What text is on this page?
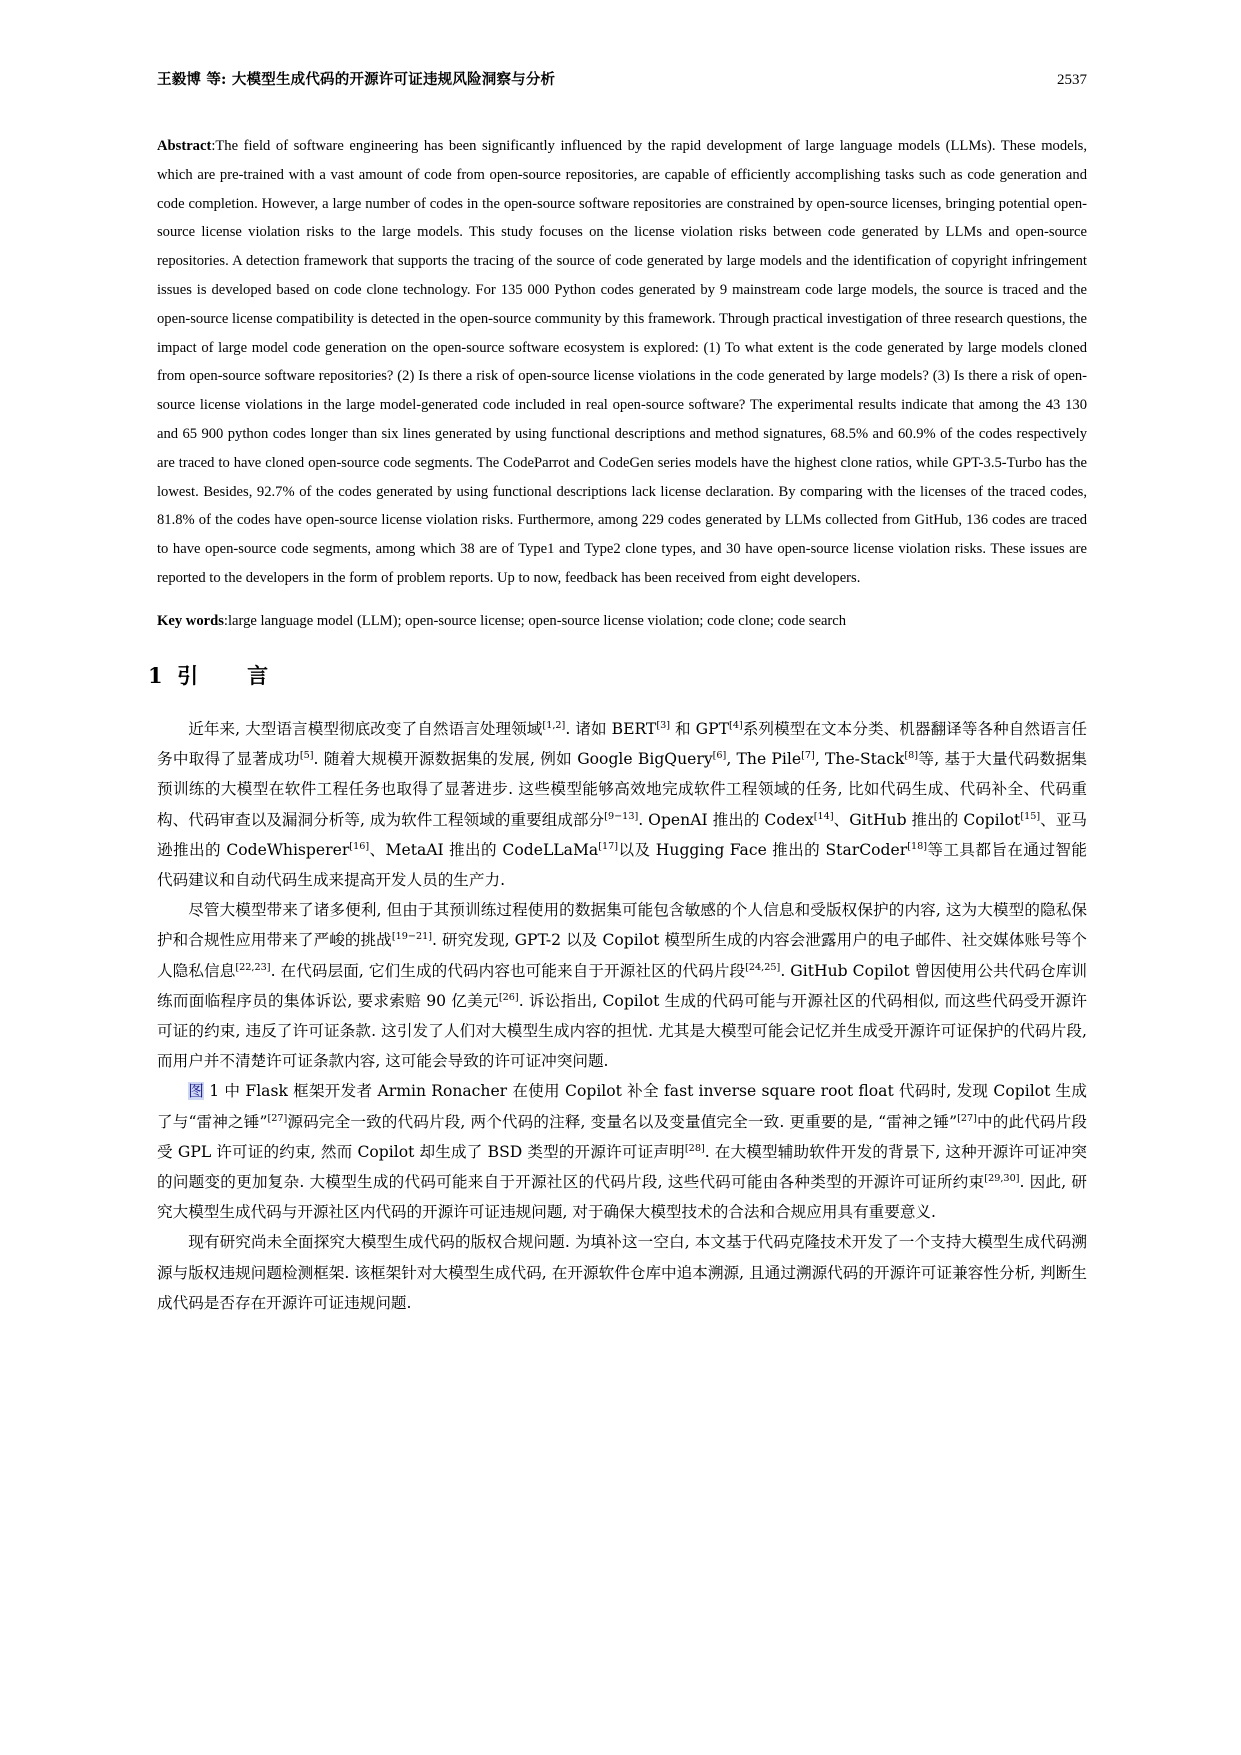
王毅博 等: 大模型生成代码的开源许可证违规风险洞察与分析	2537
Abstract:The field of software engineering has been significantly influenced by the rapid development of large language models (LLMs). These models, which are pre-trained with a vast amount of code from open-source repositories, are capable of efficiently accomplishing tasks such as code generation and code completion. However, a large number of codes in the open-source software repositories are constrained by open-source licenses, bringing potential open-source license violation risks to the large models. This study focuses on the license violation risks between code generated by LLMs and open-source repositories. A detection framework that supports the tracing of the source of code generated by large models and the identification of copyright infringement issues is developed based on code clone technology. For 135 000 Python codes generated by 9 mainstream code large models, the source is traced and the open-source license compatibility is detected in the open-source community by this framework. Through practical investigation of three research questions, the impact of large model code generation on the open-source software ecosystem is explored: (1) To what extent is the code generated by large models cloned from open-source software repositories? (2) Is there a risk of open-source license violations in the code generated by large models? (3) Is there a risk of open-source license violations in the large model-generated code included in real open-source software? The experimental results indicate that among the 43 130 and 65 900 python codes longer than six lines generated by using functional descriptions and method signatures, 68.5% and 60.9% of the codes respectively are traced to have cloned open-source code segments. The CodeParrot and CodeGen series models have the highest clone ratios, while GPT-3.5-Turbo has the lowest. Besides, 92.7% of the codes generated by using functional descriptions lack license declaration. By comparing with the licenses of the traced codes, 81.8% of the codes have open-source license violation risks. Furthermore, among 229 codes generated by LLMs collected from GitHub, 136 codes are traced to have open-source code segments, among which 38 are of Type1 and Type2 clone types, and 30 have open-source license violation risks. These issues are reported to the developers in the form of problem reports. Up to now, feedback has been received from eight developers.
Key words:large language model (LLM); open-source license; open-source license violation; code clone; code search
1 引　言

近年来, 大型语言模型彻底改变了自然语言处理领域[1,2]. 诸如 BERT[3] 和 GPT[4]系列模型在文本分类、机器翻译等各种自然语言任务中取得了显著成功[5]. 随着大规模开源数据集的发展, 例如 Google BigQuery[6], The Pile[7], The-Stack[8]等, 基于大量代码数据集预训练的大模型在软件工程任务也取得了显著进步. 这些模型能够高效地完成软件工程领域的任务, 比如代码生成、代码补全、代码重构、代码审查以及漏洞分析等, 成为软件工程领域的重要组成部分[9−13]. OpenAI 推出的 Codex[14]、GitHub 推出的 Copilot[15]、亚马逊推出的 CodeWhisperer[16]、MetaAI 推出的 CodeLLaMa[17]以及 Hugging Face 推出的 StarCoder[18]等工具都旨在通过智能代码建议和自动代码生成来提高开发人员的生产力.

尽管大模型带来了诸多便利, 但由于其预训练过程使用的数据集可能包含敏感的个人信息和受版权保护的内容, 这为大模型的隐私保护和合规性应用带来了严峻的挑战[19−21]. 研究发现, GPT-2 以及 Copilot 模型所生成的内容会泄露用户的电子邮件、社交媒体账号等个人隐私信息[22,23]. 在代码层面, 它们生成的代码内容也可能来自于开源社区的代码片段[24,25]. GitHub Copilot 曾因使用公共代码仓库训练而面临程序员的集体诉讼, 要求索赔 90 亿美元[26]. 诉讼指出, Copilot 生成的代码可能与开源社区的代码相似, 而这些代码受开源许可证的约束, 违反了许可证条款. 这引发了人们对大模型生成内容的担忧. 尤其是大模型可能会记忆并生成受开源许可证保护的代码片段, 而用户并不清楚许可证条款内容, 这可能会导致的许可证冲突问题.

图 1 中 Flask 框架开发者 Armin Ronacher 在使用 Copilot 补全 fast inverse square root float 代码时, 发现 Copilot 生成了与“雷神之锤”[27]源码完全一致的代码片段, 两个代码的注释, 变量名以及变量值完全一致. 更重要的是, “雷神之锤”[27]中的此代码片段受 GPL 许可证的约束, 然而 Copilot 却生成了 BSD 类型的开源许可证声明[28]. 在大模型辅助软件开发的背景下, 这种开源许可证冲突的问题变的更加复杂. 大模型生成的代码可能来自于开源社区的代码片段, 这些代码可能由各种类型的开源许可证所约束[29,30]. 因此, 研究大模型生成代码与开源社区内代码的开源许可证违规问题, 对于确保大模型技术的合法和合规应用具有重要意义.

现有研究尚未全面探究大模型生成代码的版权合规问题. 为填补这一空白, 本文基于代码克隆技术开发了一个支持大模型生成代码溯源与版权违规问题检测框架. 该框架针对大模型生成代码, 在开源软件仓库中追本溯源, 且通过溯源代码的开源许可证兼容性分析, 判断生成代码是否存在开源许可证违规问题.
